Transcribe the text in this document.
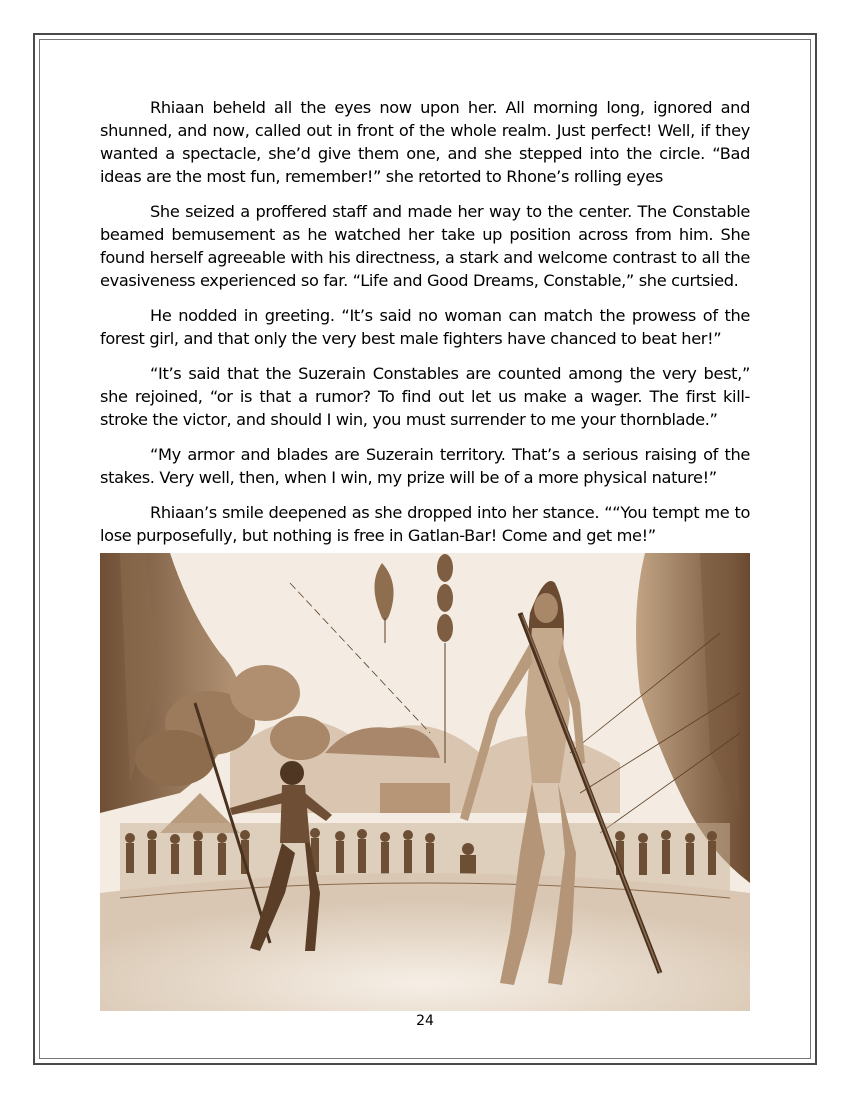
Rhiaan beheld all the eyes now upon her. All morning long, ignored and shunned, and now, called out in front of the whole realm. Just perfect! Well, if they wanted a spectacle, she’d give them one, and she stepped into the circle. “Bad ideas are the most fun, remember!” she retorted to Rhone’s rolling eyes

She seized a proffered staff and made her way to the center. The Constable beamed bemusement as he watched her take up position across from him. She found herself agreeable with his directness, a stark and welcome contrast to all the evasiveness experienced so far. “Life and Good Dreams, Constable,” she curtsied.

He nodded in greeting. “It’s said no woman can match the prowess of the forest girl, and that only the very best male fighters have chanced to beat her!”

“It’s said that the Suzerain Constables are counted among the very best,” she rejoined, “or is that a rumor? To find out let us make a wager. The first kill-stroke the victor, and should I win, you must surrender to me your thornblade.”

“My armor and blades are Suzerain territory. That’s a serious raising of the stakes. Very well, then, when I win, my prize will be of a more physical nature!”

Rhiaan’s smile deepened as she dropped into her stance. ““You tempt me to lose purposefully, but nothing is free in Gatlan-Bar! Come and get me!”

24
